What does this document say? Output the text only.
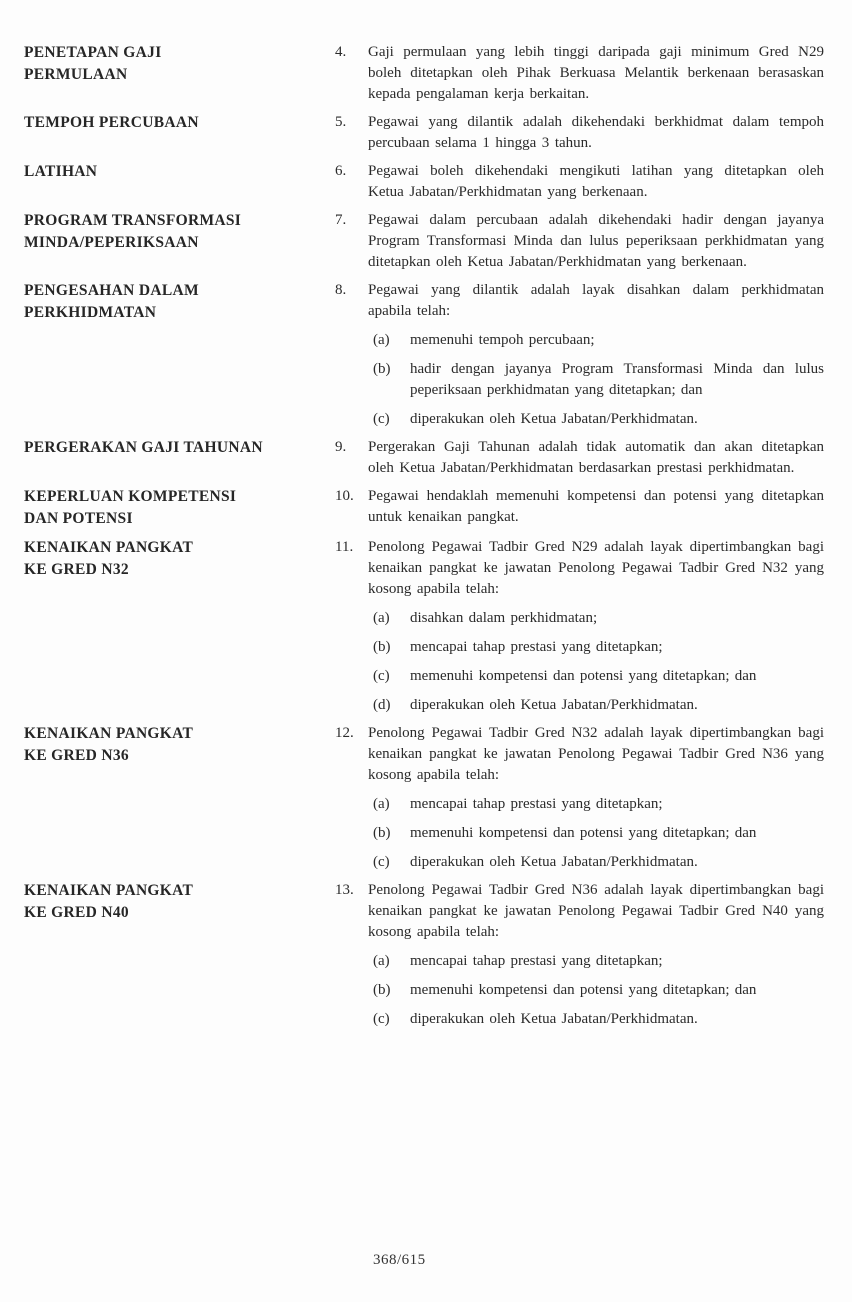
PENETAPAN GAJI
PERMULAAN
4.	Gaji permulaan yang lebih tinggi daripada gaji minimum Gred N29 boleh ditetapkan oleh Pihak Berkuasa Melantik berkenaan berasaskan kepada pengalaman kerja berkaitan.

TEMPOH PERCUBAAN	5.	Pegawai yang dilantik adalah dikehendaki berkhidmat dalam tempoh percubaan selama 1 hingga 3 tahun.

LATIHAN	6.	Pegawai boleh dikehendaki mengikuti latihan yang ditetapkan oleh Ketua Jabatan/Perkhidmatan yang berkenaan.

PROGRAM TRANSFORMASI
MINDA/PEPERIKSAAN
7.	Pegawai dalam percubaan adalah dikehendaki hadir dengan jayanya Program Transformasi Minda dan lulus peperiksaan perkhidmatan yang ditetapkan oleh Ketua Jabatan/Perkhidmatan yang berkenaan.

PENGESAHAN DALAM
PERKHIDMATAN
8.	Pegawai yang dilantik adalah layak disahkan dalam perkhidmatan apabila telah:

(a)	memenuhi tempoh percubaan;

(b)	hadir dengan jayanya Program Transformasi Minda dan lulus peperiksaan perkhidmatan yang ditetapkan; dan

(c)	diperakukan oleh Ketua Jabatan/Perkhidmatan.

PERGERAKAN GAJI TAHUNAN	9.	Pergerakan Gaji Tahunan adalah tidak automatik dan akan ditetapkan oleh Ketua Jabatan/Perkhidmatan berdasarkan prestasi perkhidmatan.

KEPERLUAN KOMPETENSI
DAN POTENSI
10. Pegawai hendaklah memenuhi kompetensi dan potensi yang ditetapkan untuk kenaikan pangkat.

KENAIKAN PANGKAT
KE GRED N32
11. Penolong Pegawai Tadbir Gred N29 adalah layak dipertimbangkan bagi kenaikan pangkat ke jawatan Penolong Pegawai Tadbir Gred N32 yang kosong apabila telah:

(a)	disahkan dalam perkhidmatan;

(b)	mencapai tahap prestasi yang ditetapkan;

(c)	memenuhi kompetensi dan potensi yang ditetapkan; dan

(d)	diperakukan oleh Ketua Jabatan/Perkhidmatan.

KENAIKAN PANGKAT
KE GRED N36
12. Penolong Pegawai Tadbir Gred N32 adalah layak dipertimbangkan bagi kenaikan pangkat ke jawatan Penolong Pegawai Tadbir Gred N36 yang kosong apabila telah:

(a)	mencapai tahap prestasi yang ditetapkan;

(b)	memenuhi kompetensi dan potensi yang ditetapkan; dan

(c)	diperakukan oleh Ketua Jabatan/Perkhidmatan.

KENAIKAN PANGKAT
KE GRED N40
13. Penolong Pegawai Tadbir Gred N36 adalah layak dipertimbangkan bagi kenaikan pangkat ke jawatan Penolong Pegawai Tadbir Gred N40 yang kosong apabila telah:

(a)	mencapai tahap prestasi yang ditetapkan;

(b)	memenuhi kompetensi dan potensi yang ditetapkan; dan

(c)	diperakukan oleh Ketua Jabatan/Perkhidmatan.

368/615
